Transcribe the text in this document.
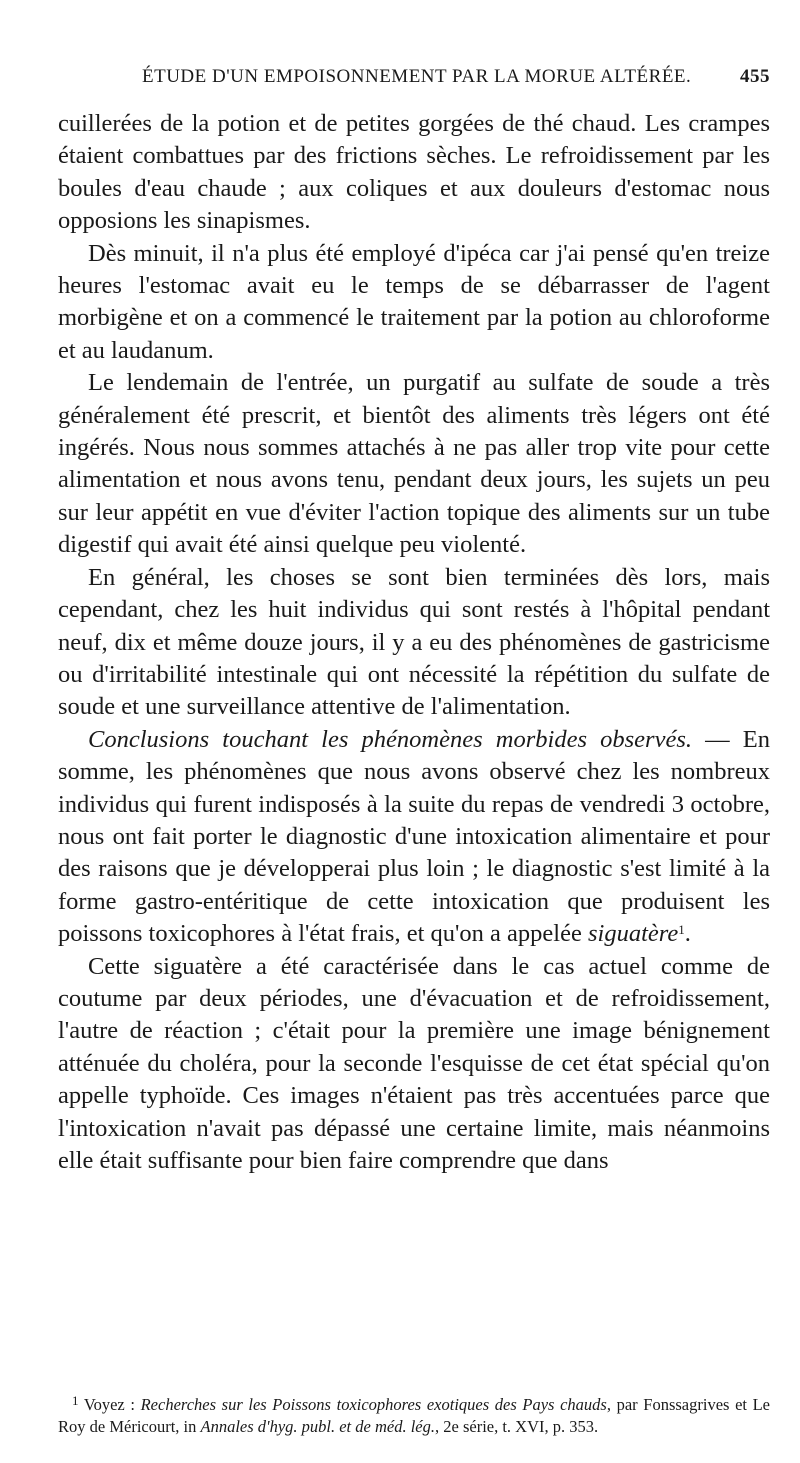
ÉTUDE D'UN EMPOISONNEMENT PAR LA MORUE ALTÉRÉE.	455

cuillerées de la potion et de petites gorgées de thé chaud. Les crampes étaient combattues par des frictions sèches. Le refroidissement par les boules d'eau chaude ; aux coliques et aux douleurs d'estomac nous opposions les sinapismes.

Dès minuit, il n'a plus été employé d'ipéca car j'ai pensé qu'en treize heures l'estomac avait eu le temps de se débarrasser de l'agent morbigène et on a commencé le traitement par la potion au chloroforme et au laudanum.

Le lendemain de l'entrée, un purgatif au sulfate de soude a très généralement été prescrit, et bientôt des aliments très légers ont été ingérés. Nous nous sommes attachés à ne pas aller trop vite pour cette alimentation et nous avons tenu, pendant deux jours, les sujets un peu sur leur appétit en vue d'éviter l'action topique des aliments sur un tube digestif qui avait été ainsi quelque peu violenté.

En général, les choses se sont bien terminées dès lors, mais cependant, chez les huit individus qui sont restés à l'hôpital pendant neuf, dix et même douze jours, il y a eu des phénomènes de gastricisme ou d'irritabilité intestinale qui ont nécessité la répétition du sulfate de soude et une surveillance attentive de l'alimentation.

Conclusions touchant les phénomènes morbides observés. — En somme, les phénomènes que nous avons observé chez les nombreux individus qui furent indisposés à la suite du repas de vendredi 3 octobre, nous ont fait porter le diagnostic d'une intoxication alimentaire et pour des raisons que je développerai plus loin ; le diagnostic s'est limité à la forme gastro-entéritique de cette intoxication que produisent les poissons toxicophores à l'état frais, et qu'on a appelée siguatère$^1$.

Cette siguatère a été caractérisée dans le cas actuel comme de coutume par deux périodes, une d'évacuation et de refroidissement, l'autre de réaction ; c'était pour la première une image bénignement atténuée du choléra, pour la seconde l'esquisse de cet état spécial qu'on appelle typhoïde. Ces images n'étaient pas très accentuées parce que l'intoxication n'avait pas dépassé une certaine limite, mais néanmoins elle était suffisante pour bien faire comprendre que dans

$^1$ Voyez : Recherches sur les Poissons toxicophores exotiques des Pays chauds, par Fonssagrives et Le Roy de Méricourt, in Annales d'hyg. publ. et de méd. lég., 2e série, t. XVI, p. 353.
